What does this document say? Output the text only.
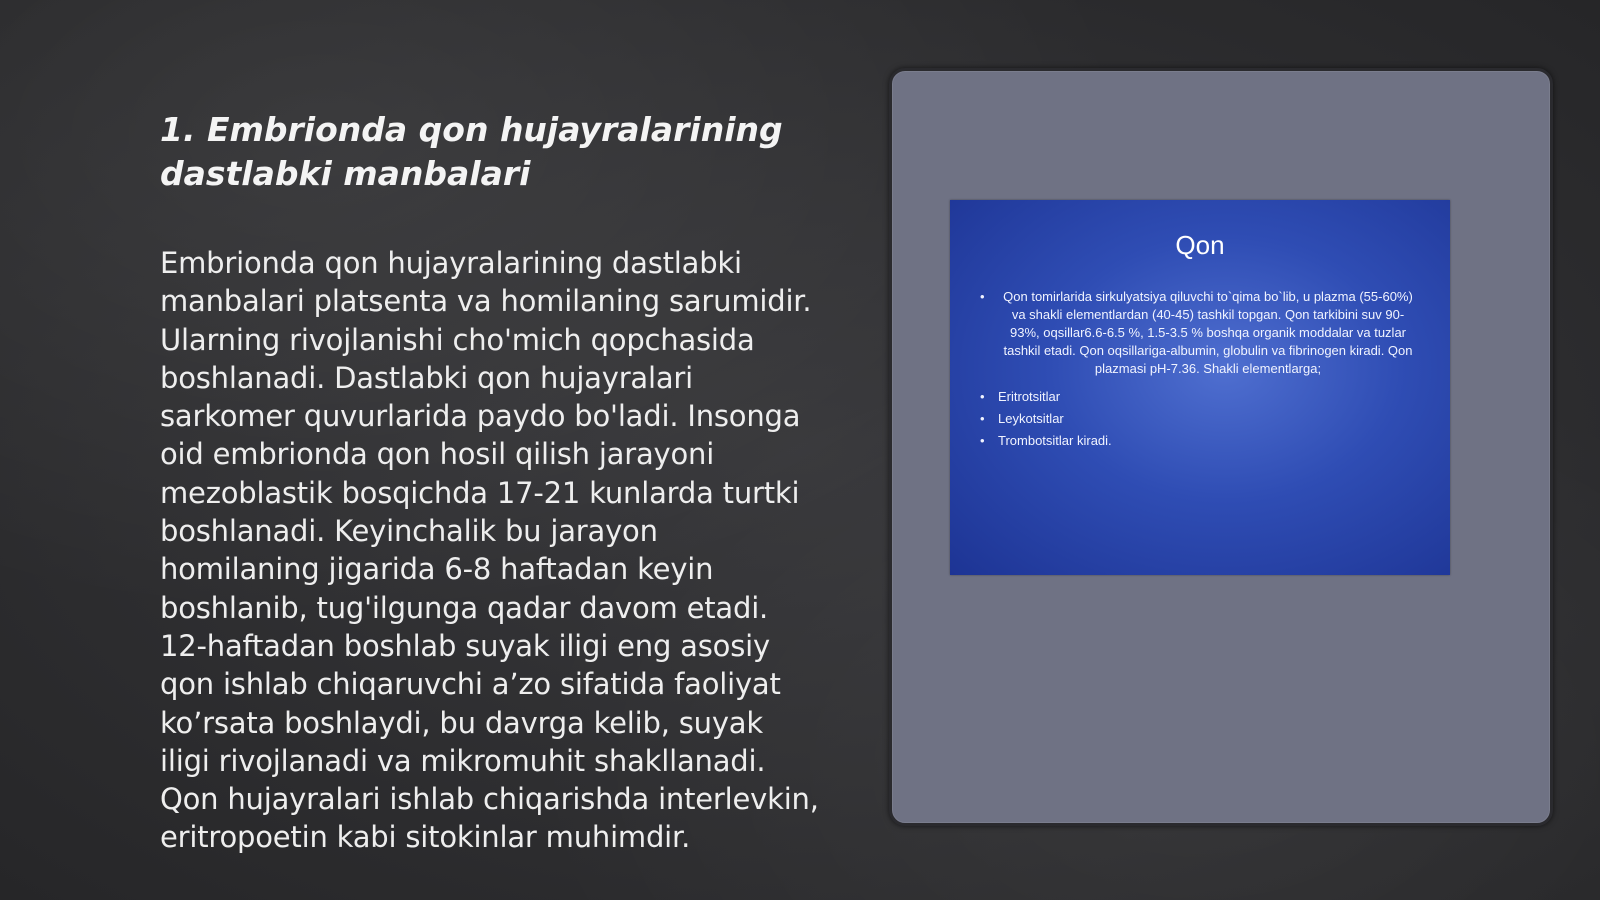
1. Embrionda qon hujayralarining
dastlabki manbalari
Embrionda qon hujayralarining dastlabki manbalari platsenta va homilaning sarumidir. Ularning rivojlanishi cho'mich qopchasida boshlanadi. Dastlabki qon hujayralari sarkomer quvurlarida paydo bo'ladi. Insonga oid embrionda qon hosil qilish jarayoni mezoblastik bosqichda 17-21 kunlarda turtki boshlanadi. Keyinchalik bu jarayon homilaning jigarida 6-8 haftadan keyin boshlanib, tug'ilgunga qadar davom etadi. 12-haftadan boshlab suyak iligi eng asosiy qon ishlab chiqaruvchi a’zo sifatida faoliyat ko’rsata boshlaydi, bu davrga kelib, suyak iligi rivojlanadi va mikromuhit shakllanadi. Qon hujayralari ishlab chiqarishda interlevkin, eritropoetin kabi sitokinlar muhimdir.
Qon
• Qon tomirlarida sirkulyatsiya qiluvchi to`qima bo`lib, u plazma (55-60%) va shakli elementlardan (40-45) tashkil topgan. Qon tarkibini suv 90-93%, oqsillar6.6-6.5 %, 1.5-3.5 % boshqa organik moddalar va tuzlar tashkil etadi. Qon oqsillariga-albumin, globulin va fibrinogen kiradi. Qon plazmasi pH-7.36. Shakli elementlarga;
• Eritrotsitlar
• Leykotsitlar
• Trombotsitlar kiradi.
